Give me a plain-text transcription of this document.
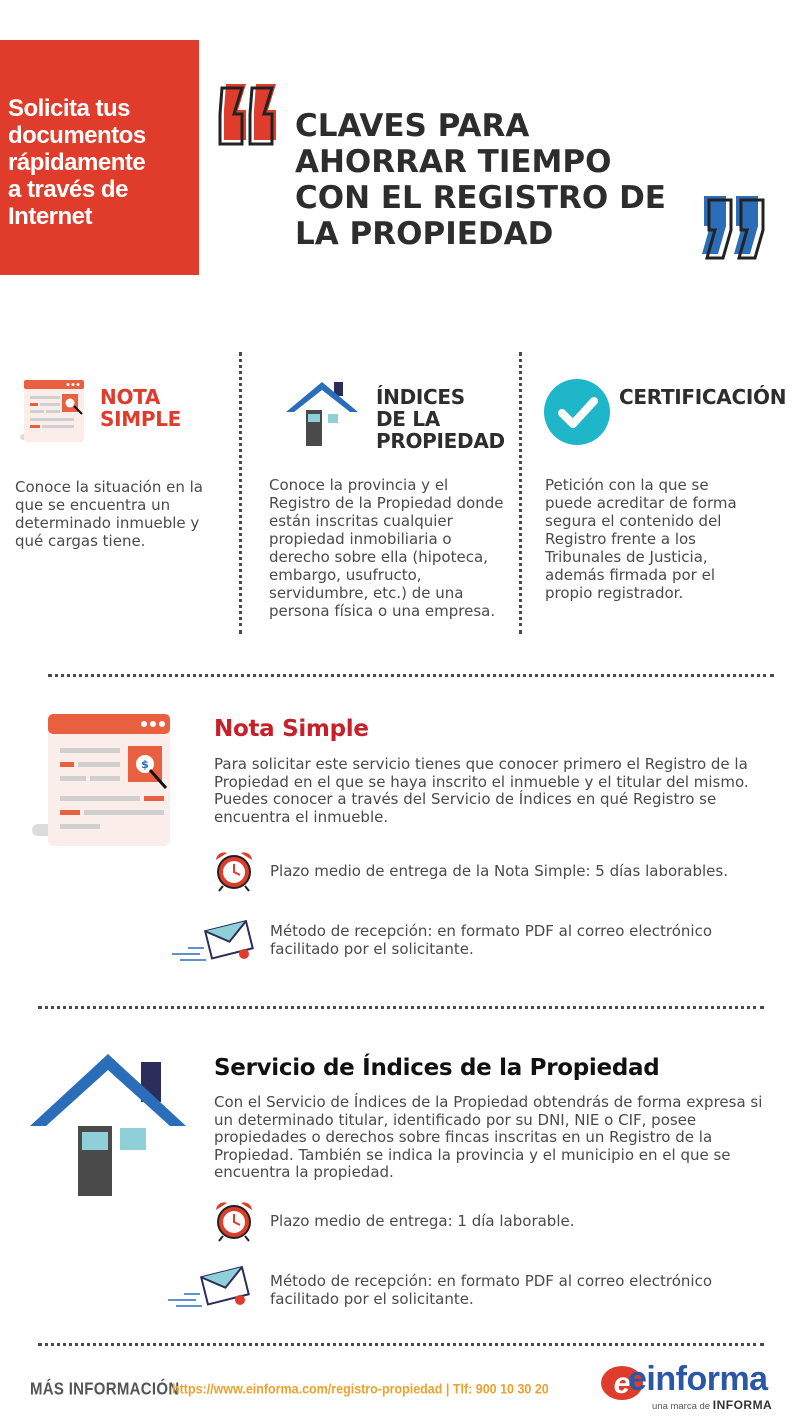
Solicita tus
documentos
rápidamente
a través de
Internet
CLAVES PARA
AHORRAR TIEMPO
CON EL REGISTRO DE
LA PROPIEDAD
NOTA
SIMPLE
Conoce la situación en la que se encuentra un determinado inmueble y qué cargas tiene.
ÍNDICES
DE LA
PROPIEDAD
Conoce la provincia y el Registro de la Propiedad donde están inscritas cualquier propiedad inmobiliaria o derecho sobre ella (hipoteca, embargo, usufructo, servidumbre, etc.) de una persona física o una empresa.
CERTIFICACIÓN
Petición con la que se puede acreditar de forma segura el contenido del Registro frente a los Tribunales de Justicia, además firmada por el propio registrador.
$
Nota Simple
Para solicitar este servicio tienes que conocer primero el Registro de la Propiedad en el que se haya inscrito el inmueble y el titular del mismo. Puedes conocer a través del Servicio de Índices en qué Registro se encuentra el inmueble.
Plazo medio de entrega de la Nota Simple: 5 días laborables.
Método de recepción: en formato PDF al correo electrónico facilitado por el solicitante.
Servicio de Índices de la Propiedad
Con el Servicio de Índices de la Propiedad obtendrás de forma expresa si un determinado titular, identificado por su DNI, NIE o CIF, posee propiedades o derechos sobre fincas inscritas en un Registro de la Propiedad. También se indica la provincia y el municipio en el que se encuentra la propiedad.
Plazo medio de entrega: 1 día laborable.
Método de recepción: en formato PDF al correo electrónico facilitado por el solicitante.
MÁS INFORMACIÓN
https://www.einforma.com/registro-propiedad | Tlf: 900 10 30 20 e
einforma
una marca de INFORMA
